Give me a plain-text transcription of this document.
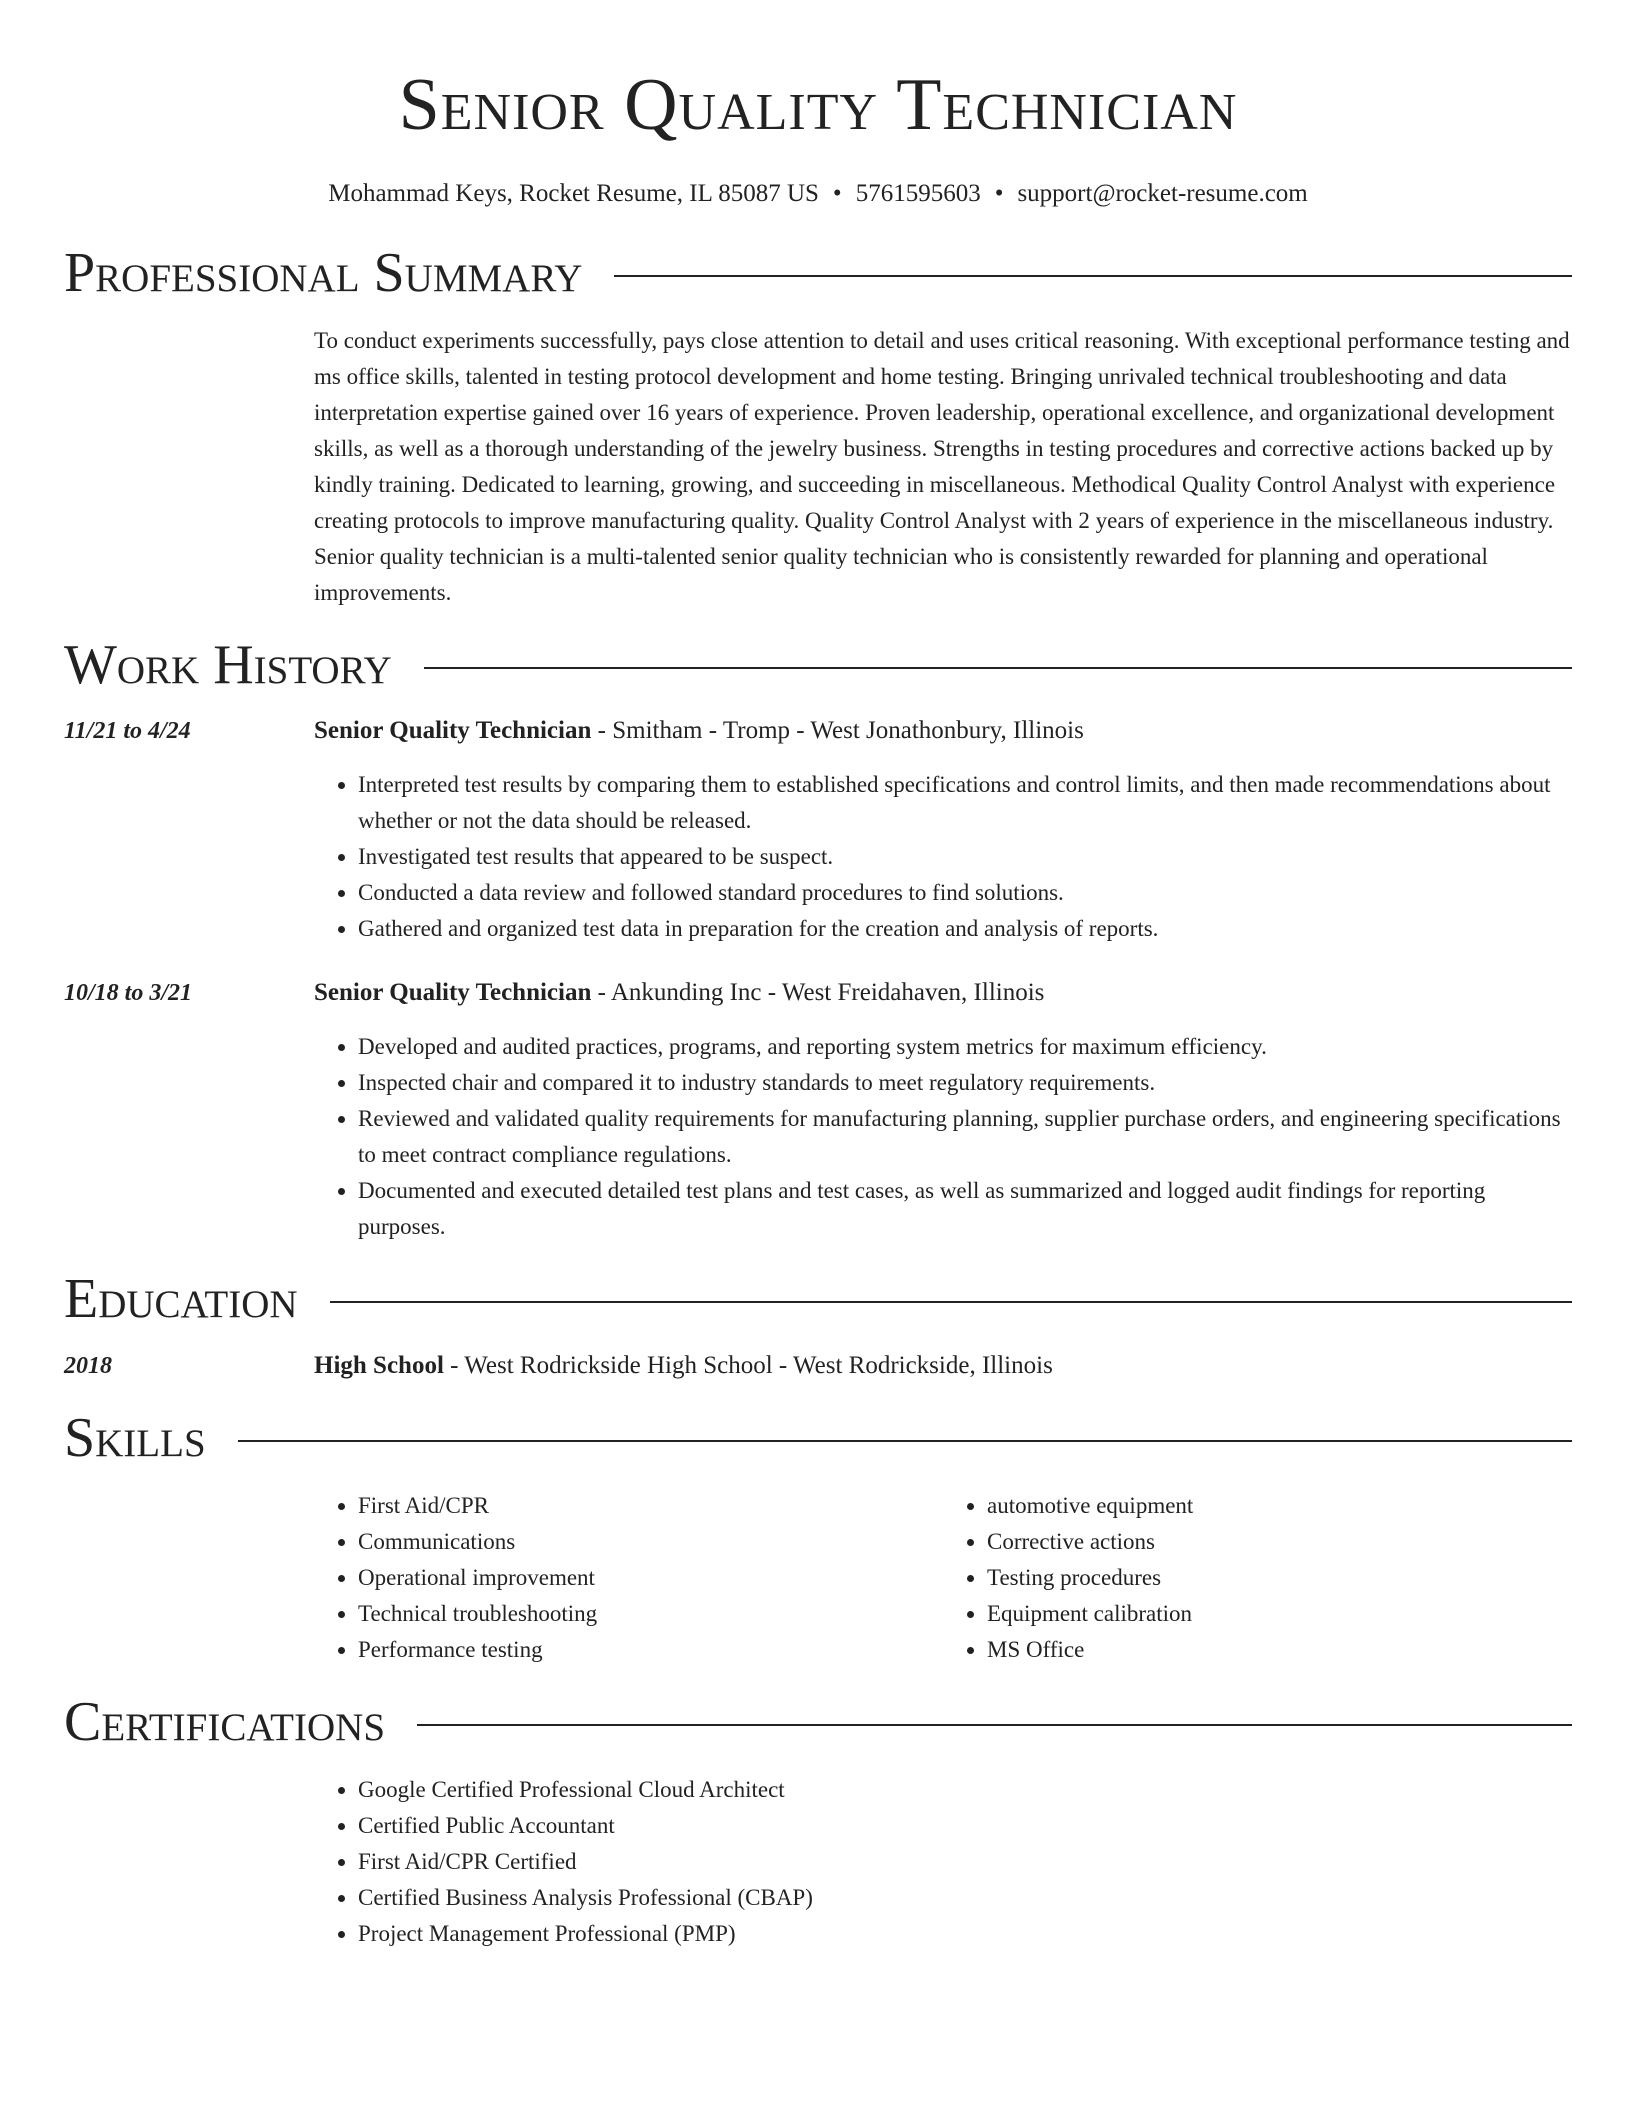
Senior Quality Technician
Mohammad Keys, Rocket Resume, IL 85087 US • 5761595603 • support@rocket-resume.com
Professional Summary

To conduct experiments successfully, pays close attention to detail and uses critical reasoning. With exceptional performance testing and ms office skills, talented in testing protocol development and home testing. Bringing unrivaled technical troubleshooting and data interpretation expertise gained over 16 years of experience. Proven leadership, operational excellence, and organizational development skills, as well as a thorough understanding of the jewelry business. Strengths in testing procedures and corrective actions backed up by kindly training. Dedicated to learning, growing, and succeeding in miscellaneous. Methodical Quality Control Analyst with experience creating protocols to improve manufacturing quality. Quality Control Analyst with 2 years of experience in the miscellaneous industry. Senior quality technician is a multi-talented senior quality technician who is consistently rewarded for planning and operational improvements.

Work History
11/21 to 4/24	Senior Quality Technician - Smitham - Tromp - West Jonathonbury, Illinois
• Interpreted test results by comparing them to established specifications and control limits, and then made recommendations about whether or not the data should be released.
• Investigated test results that appeared to be suspect.
• Conducted a data review and followed standard procedures to find solutions.
• Gathered and organized test data in preparation for the creation and analysis of reports.
10/18 to 3/21	Senior Quality Technician - Ankunding Inc - West Freidahaven, Illinois
• Developed and audited practices, programs, and reporting system metrics for maximum efficiency.
• Inspected chair and compared it to industry standards to meet regulatory requirements.
• Reviewed and validated quality requirements for manufacturing planning, supplier purchase orders, and engineering specifications to meet contract compliance regulations.
• Documented and executed detailed test plans and test cases, as well as summarized and logged audit findings for reporting purposes.
Education
2018	High School - West Rodrickside High School - West Rodrickside, Illinois
Skills
• First Aid/CPR
• Communications
• Operational improvement
• Technical troubleshooting
• Performance testing
• automotive equipment
• Corrective actions
• Testing procedures
• Equipment calibration
• MS Office
Certifications
• Google Certified Professional Cloud Architect
• Certified Public Accountant
• First Aid/CPR Certified
• Certified Business Analysis Professional (CBAP)
• Project Management Professional (PMP)
